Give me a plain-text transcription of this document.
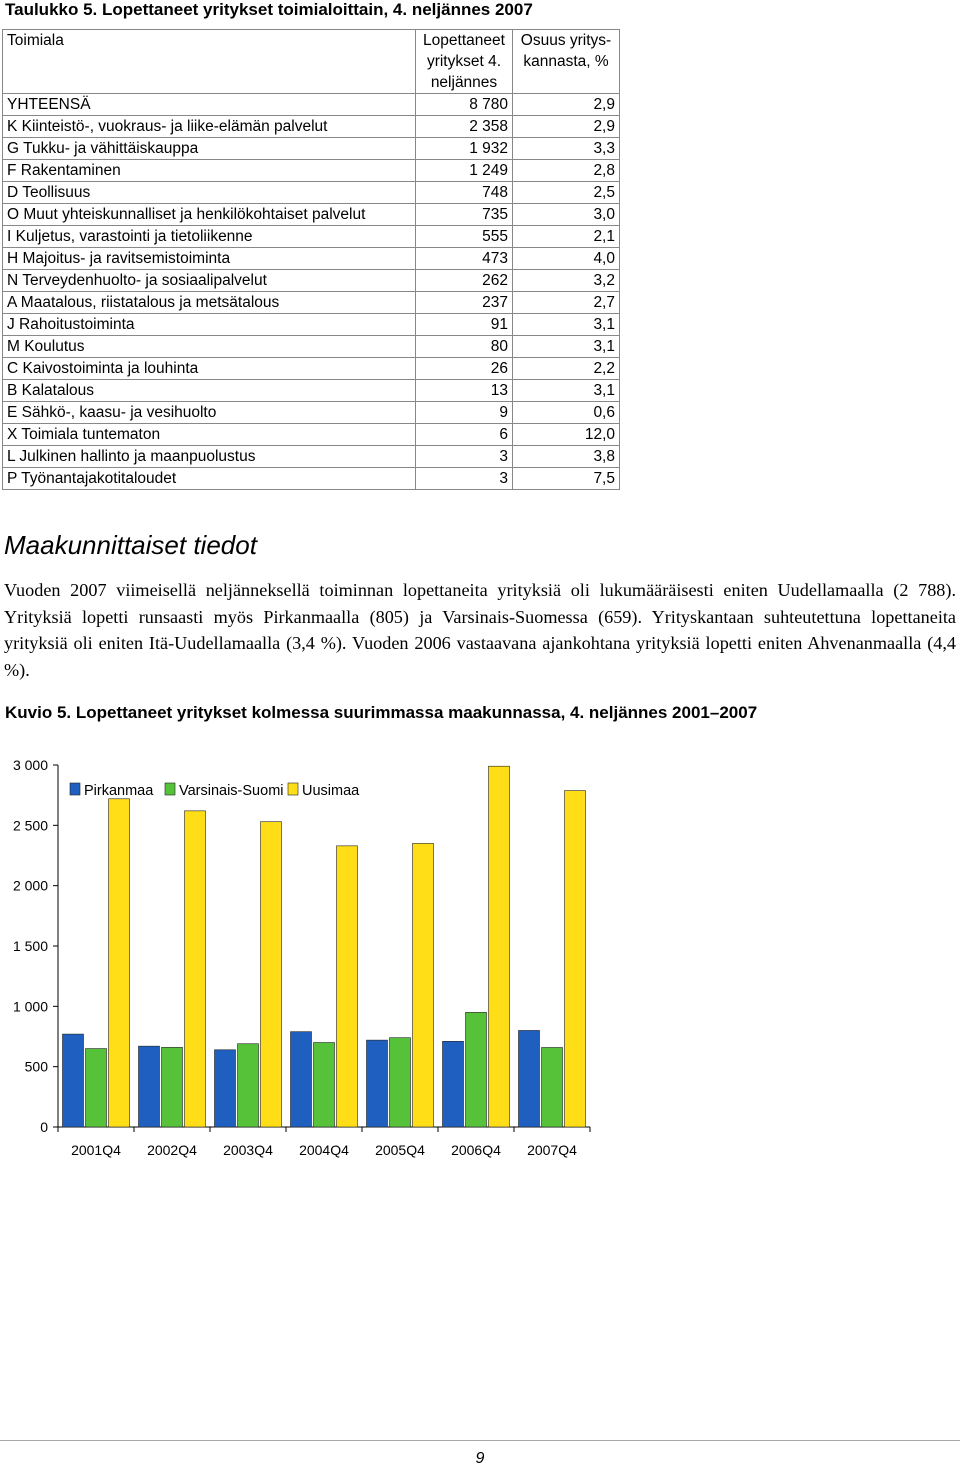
Taulukko 5. Lopettaneet yritykset toimialoittain, 4. neljännes 2007
Toimiala	Lopettaneet yritykset 4. neljännes	Osuus yritys-kannasta, %
YHTEENSÄ	8 780	2,9
K Kiinteistö-, vuokraus- ja liike-elämän palvelut	2 358	2,9
G Tukku- ja vähittäiskauppa	1 932	3,3
F Rakentaminen	1 249	2,8
D Teollisuus	748	2,5
O Muut yhteiskunnalliset ja henkilökohtaiset palvelut	735	3,0
I Kuljetus, varastointi ja tietoliikenne	555	2,1
H Majoitus- ja ravitsemistoiminta	473	4,0
N Terveydenhuolto- ja sosiaalipalvelut	262	3,2
A Maatalous, riistatalous ja metsätalous	237	2,7
J Rahoitustoiminta	91	3,1
M Koulutus	80	3,1
C Kaivostoiminta ja louhinta	26	2,2
B Kalatalous	13	3,1
E Sähkö-, kaasu- ja vesihuolto	9	0,6
X Toimiala tuntematon	6	12,0
L Julkinen hallinto ja maanpuolustus	3	3,8
P Työnantajakotitaloudet	3	7,5
Maakunnittaiset tiedot

Vuoden 2007 viimeisellä neljänneksellä toiminnan lopettaneita yrityksiä oli lukumääräisesti eniten Uudellamaalla (2 788). Yrityksiä lopetti runsaasti myös Pirkanmaalla (805) ja Varsinais-Suomessa (659). Yrityskantaan suhteutettuna lopettaneita yrityksiä oli eniten Itä-Uudellamaalla (3,4 %). Vuoden 2006 vastaavana ajankohtana yrityksiä lopetti eniten Ahvenanmaalla (4,4 %).

Kuvio 5. Lopettaneet yritykset kolmessa suurimmassa maakunnassa, 4. neljännes 2001–2007
0
500
1 000
1 500
2 000
2 500
3 000
2001Q4 2002Q4 2003Q4 2004Q4 2005Q4 2006Q4 2007Q4
Pirkanmaa Varsinais-Suomi Uusimaa
9
